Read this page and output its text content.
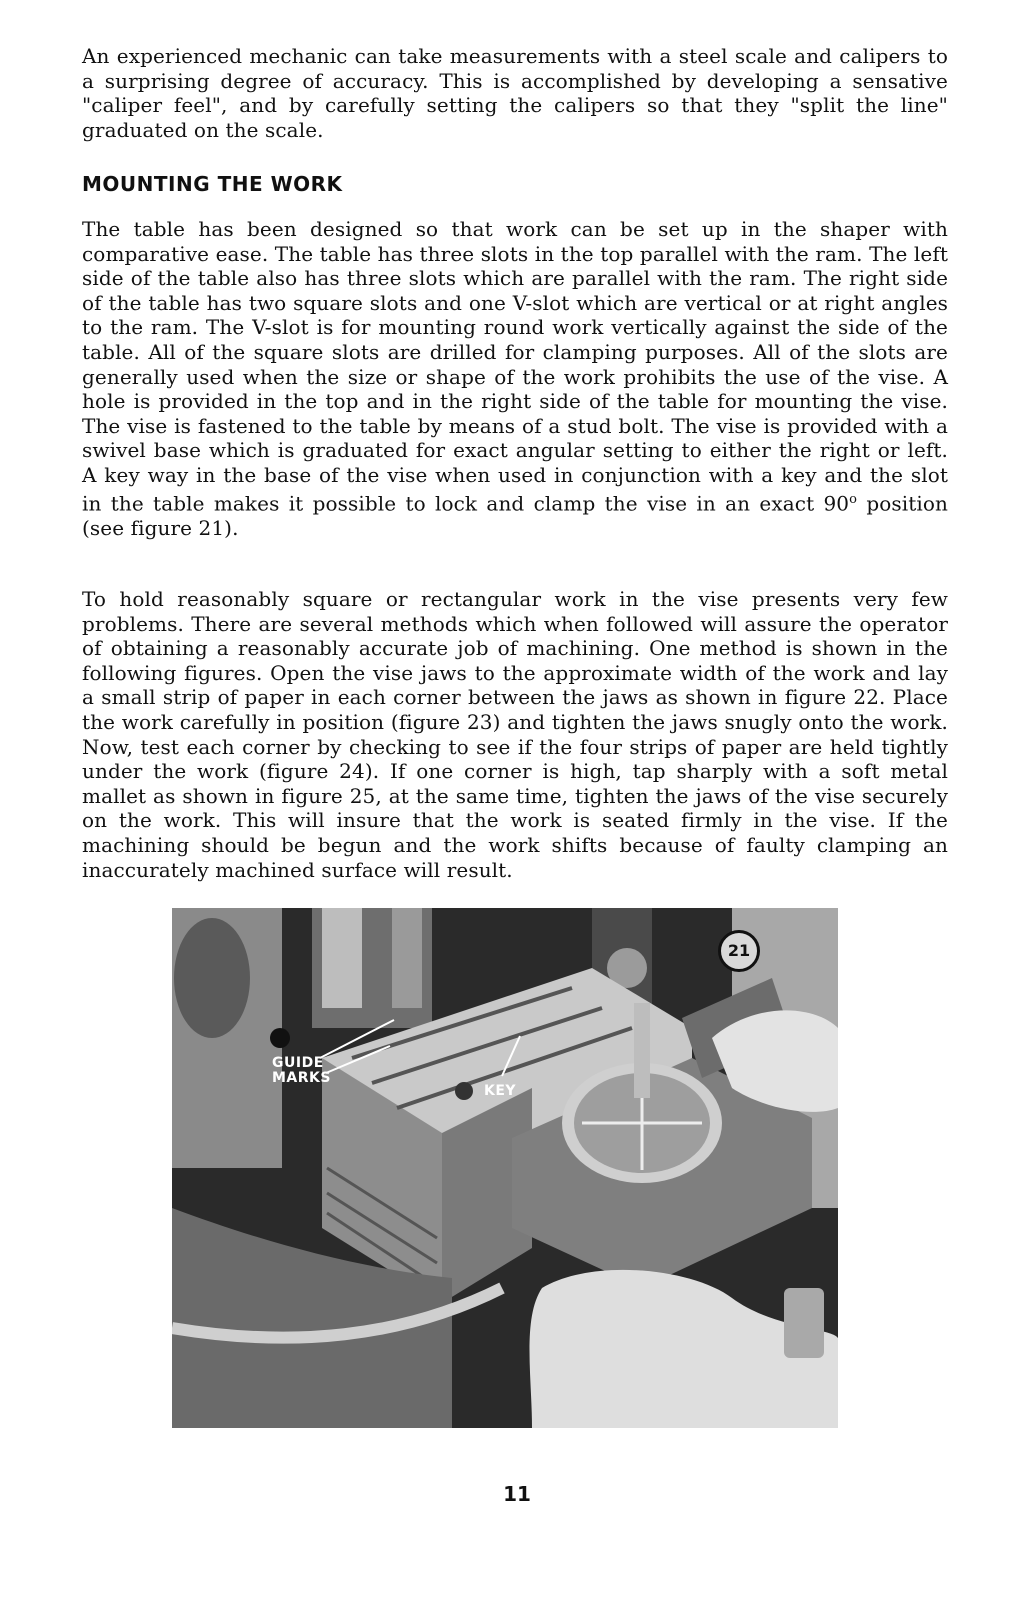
An experienced mechanic can take measurements with a steel scale and calipers to a surprising degree of accuracy. This is accomplished by developing a sensative "caliper feel", and by carefully setting the calipers so that they "split the line" graduated on the scale.

MOUNTING THE WORK

The table has been designed so that work can be set up in the shaper with comparative ease. The table has three slots in the top parallel with the ram. The left side of the table also has three slots which are parallel with the ram. The right side of the table has two square slots and one V-slot which are vertical or at right angles to the ram. The V-slot is for mounting round work vertically against the side of the table. All of the square slots are drilled for clamping purposes. All of the slots are generally used when the size or shape of the work prohibits the use of the vise. A hole is provided in the top and in the right side of the table for mounting the vise. The vise is fastened to the table by means of a stud bolt. The vise is provided with a swivel base which is graduated for exact angular setting to either the right or left. A key way in the base of the vise when used in conjunction with a key and the slot in the table makes it possible to lock and clamp the vise in an exact 90$^o$ position (see figure 21).

To hold reasonably square or rectangular work in the vise presents very few problems. There are several methods which when followed will assure the operator of obtaining a reasonably accurate job of machining. One method is shown in the following figures. Open the vise jaws to the approximate width of the work and lay a small strip of paper in each corner between the jaws as shown in figure 22. Place the work carefully in position (figure 23) and tighten the jaws snugly onto the work. Now, test each corner by checking to see if the four strips of paper are held tightly under the work (figure 24). If one corner is high, tap sharply with a soft metal mallet as shown in figure 25, at the same time, tighten the jaws of the vise securely on the work. This will insure that the work is seated firmly in the vise. If the machining should be begun and the work shifts because of faulty clamping an inaccurately machined surface will result.

GUIDE MARKS
KEY
21
11
